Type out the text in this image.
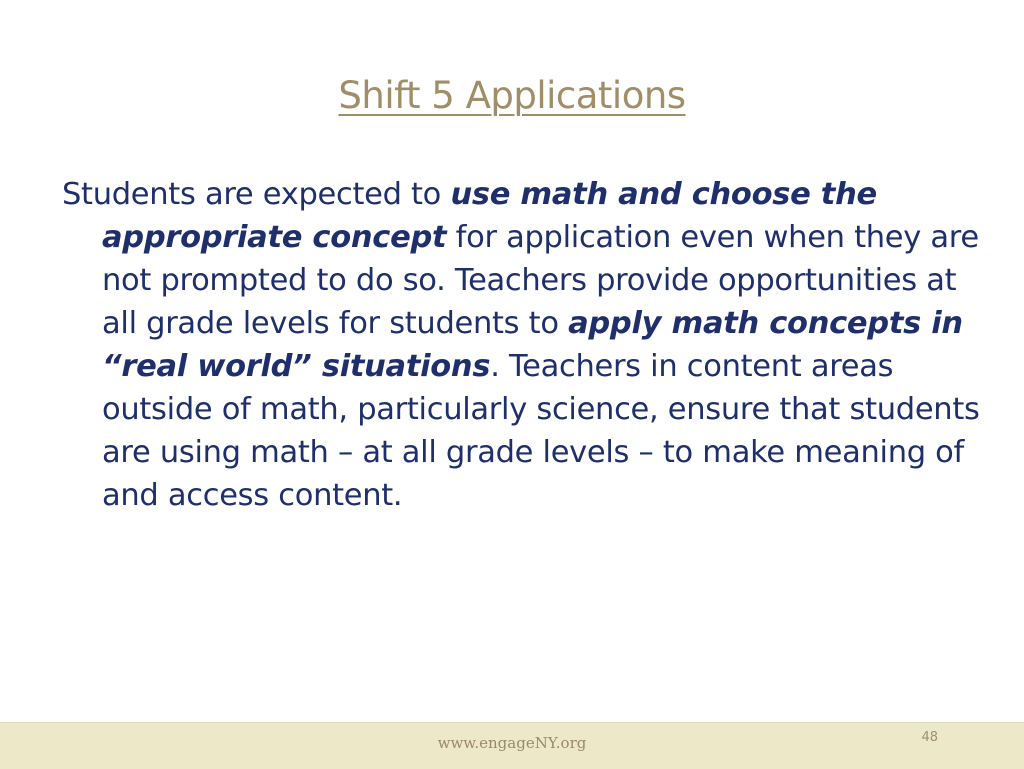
Shift 5 Applications

Students are expected to use math and choose the appropriate concept for application even when they are not prompted to do so. Teachers provide opportunities at all grade levels for students to apply math concepts in “real world” situations. Teachers in content areas outside of math, particularly science, ensure that students are using math – at all grade levels – to make meaning of and access content.

www.engageNY.org	48
